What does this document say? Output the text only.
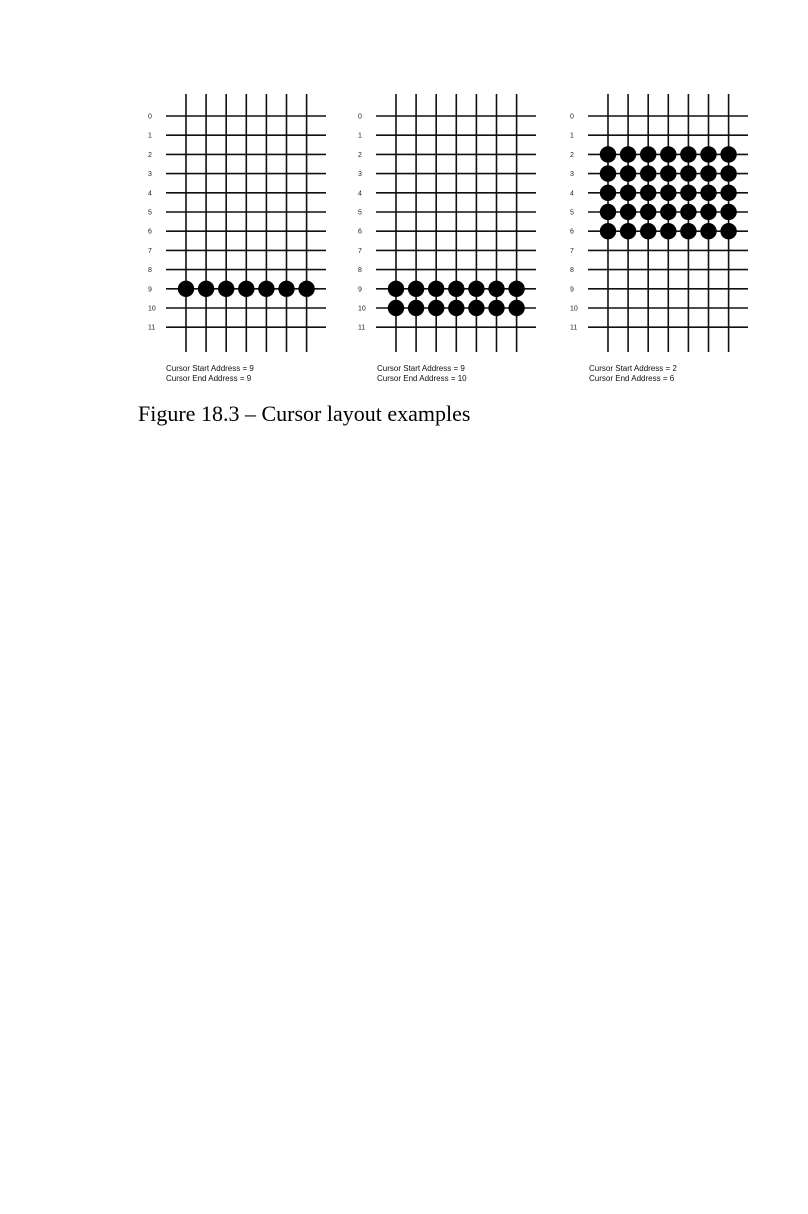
0
1
2
3
4
5
6
7
8
9
10
11
Cursor Start Address = 9
Cursor End Address = 9
0
1
2
3
4
5
6
7
8
9
10
11
Cursor Start Address = 9
Cursor End Address = 10
0
1
2
3
4
5
6
7
8
9
10
11
Cursor Start Address = 2
Cursor End Address = 6
Figure 18.3 – Cursor layout examples
